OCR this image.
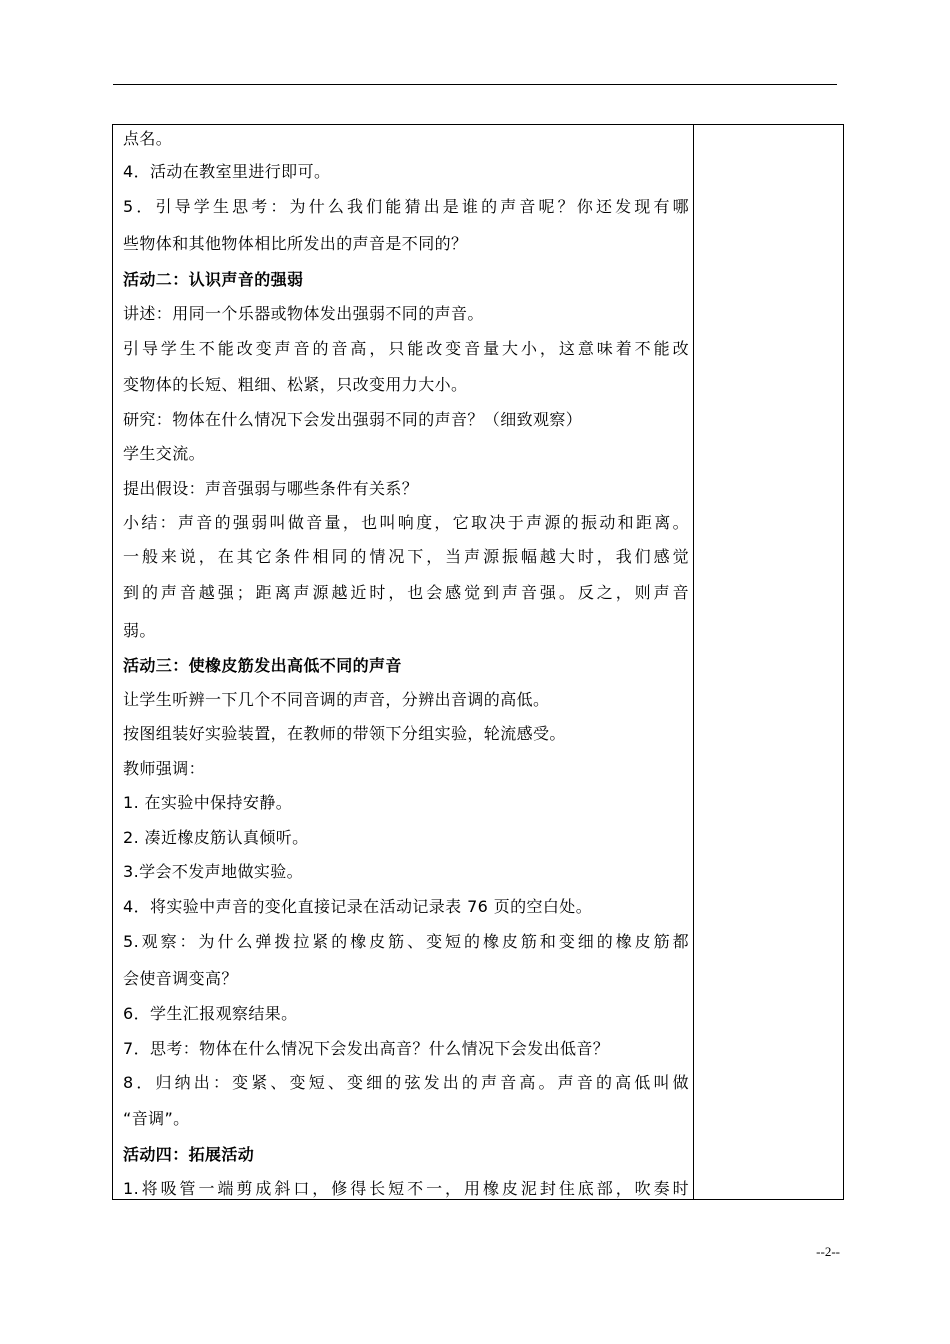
点名。
4．活动在教室里进行即可。
5．引导学生思考：为什么我们能猜出是谁的声音呢？你还发现有哪
些物体和其他物体相比所发出的声音是不同的？
活动二：认识声音的强弱
讲述：用同一个乐器或物体发出强弱不同的声音。
引导学生不能改变声音的音高，只能改变音量大小，这意味着不能改
变物体的长短、粗细、松紧，只改变用力大小。
研究：物体在什么情况下会发出强弱不同的声音？（细致观察）
学生交流。
提出假设：声音强弱与哪些条件有关系？
小结：声音的强弱叫做音量，也叫响度，它取决于声源的振动和距离。
一般来说，在其它条件相同的情况下，当声源振幅越大时，我们感觉
到的声音越强；距离声源越近时，也会感觉到声音强。反之，则声音
弱。
活动三：使橡皮筋发出高低不同的声音
让学生听辨一下几个不同音调的声音，分辨出音调的高低。
按图组装好实验装置，在教师的带领下分组实验，轮流感受。
教师强调：
1. 在实验中保持安静。
2. 凑近橡皮筋认真倾听。
3.学会不发声地做实验。
4．将实验中声音的变化直接记录在活动记录表 76 页的空白处。
5.观察：为什么弹拨拉紧的橡皮筋、变短的橡皮筋和变细的橡皮筋都
会使音调变高？
6．学生汇报观察结果。
7．思考：物体在什么情况下会发出高音？什么情况下会发出低音？
8．归纳出：变紧、变短、变细的弦发出的声音高。声音的高低叫做
“音调”。
活动四：拓展活动
1.将吸管一端剪成斜口，修得长短不一，用橡皮泥封住底部，吹奏时
--2--
